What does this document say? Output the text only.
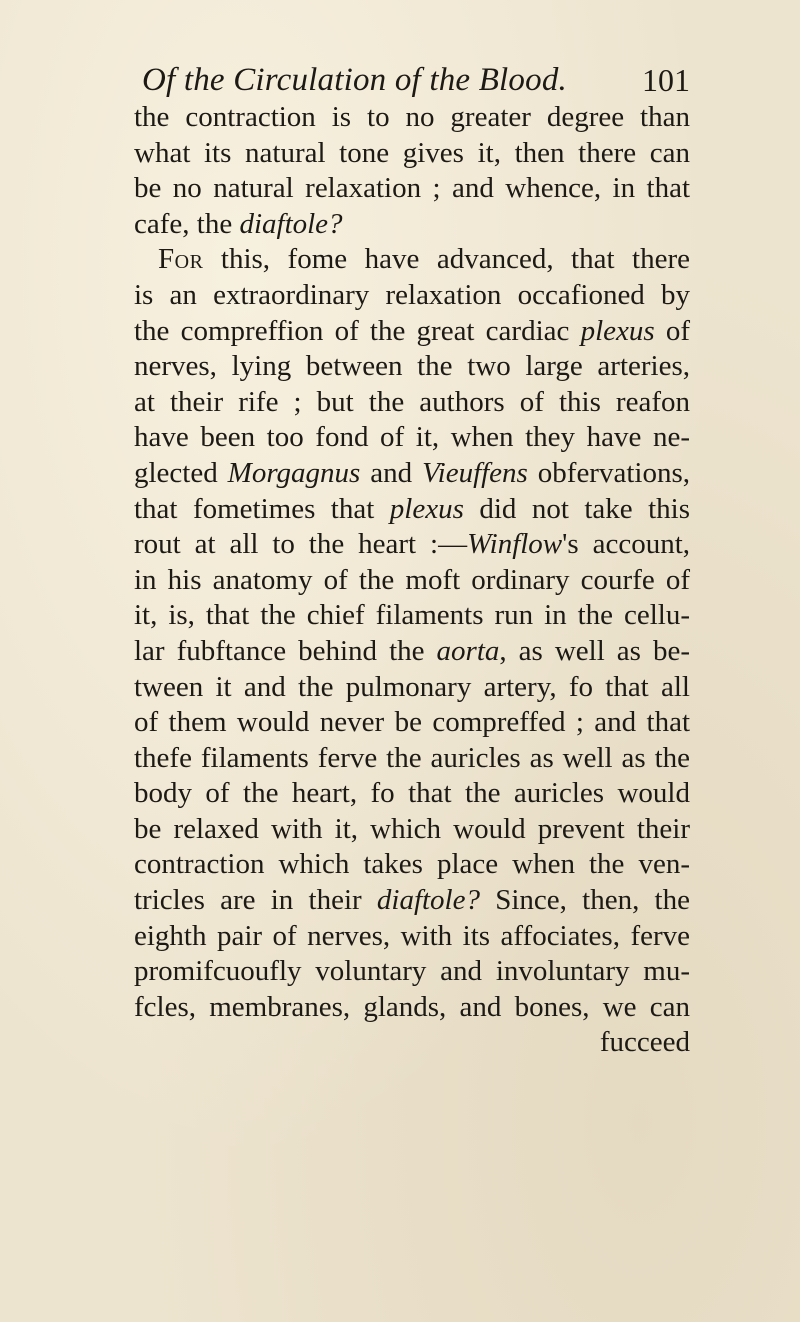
Of the Circulation of the Blood. 101
the contraction is to no greater degree than
what its natural tone gives it, then there can
be no natural relaxation ; and whence, in that
cafe, the diaftole?
For this, fome have advanced, that there
is an extraordinary relaxation occafioned by
the compreffion of the great cardiac plexus of
nerves, lying between the two large arteries,
at their rife ; but the authors of this reafon
have been too fond of it, when they have ne-
glected Morgagnus and Vieuffens obfervations,
that fometimes that plexus did not take this
rout at all to the heart :—Winflow's account,
in his anatomy of the moft ordinary courfe of
it, is, that the chief filaments run in the cellu-
lar fubftance behind the aorta, as well as be-
tween it and the pulmonary artery, fo that all
of them would never be compreffed ; and that
thefe filaments ferve the auricles as well as the
body of the heart, fo that the auricles would
be relaxed with it, which would prevent their
contraction which takes place when the ven-
tricles are in their diaftole? Since, then, the
eighth pair of nerves, with its affociates, ferve
promifcuoufly voluntary and involuntary mu-
fcles, membranes, glands, and bones, we can
fucceed
